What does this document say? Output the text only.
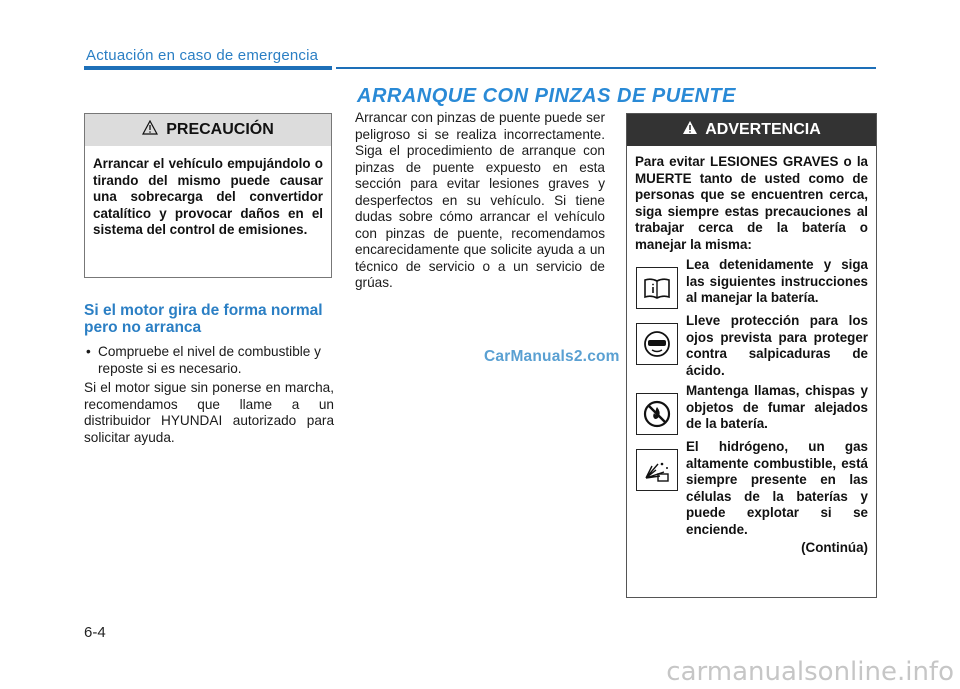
Actuación en caso de emergencia
ARRANQUE CON PINZAS DE PUENTE
PRECAUCIÓN
Arrancar el vehículo empujándolo o tirando del mismo puede causar una sobrecarga del convertidor catalítico y provocar daños en el sistema del control de emisiones.
Si el motor gira de forma normal pero no arranca
• Compruebe el nivel de combustible y reposte si es necesario.
Si el motor sigue sin ponerse en marcha, recomendamos que llame a un distribuidor HYUNDAI autorizado para solicitar ayuda.
Arrancar con pinzas de puente puede ser peligroso si se realiza incorrectamente. Siga el procedimiento de arranque con pinzas de puente expuesto en esta sección para evitar lesiones graves y desperfectos en su vehículo. Si tiene dudas sobre cómo arrancar el vehículo con pinzas de puente, recomendamos encarecidamente que solicite ayuda a un técnico de servicio o a un servicio de grúas.
CarManuals2.com
ADVERTENCIA
Para evitar LESIONES GRAVES o la MUERTE tanto de usted como de personas que se encuentren cerca, siga siempre estas precauciones al trabajar cerca de la batería o manejar la misma:
Lea detenidamente y siga las siguientes instrucciones al manejar la batería.
Lleve protección para los ojos prevista para proteger contra salpicaduras de ácido.
Mantenga llamas, chispas y objetos de fumar alejados de la batería.
El hidrógeno, un gas altamente combustible, está siempre presente en las células de la baterías y puede explotar si se enciende.
(Continúa)
6-4
carmanualsonline.info
